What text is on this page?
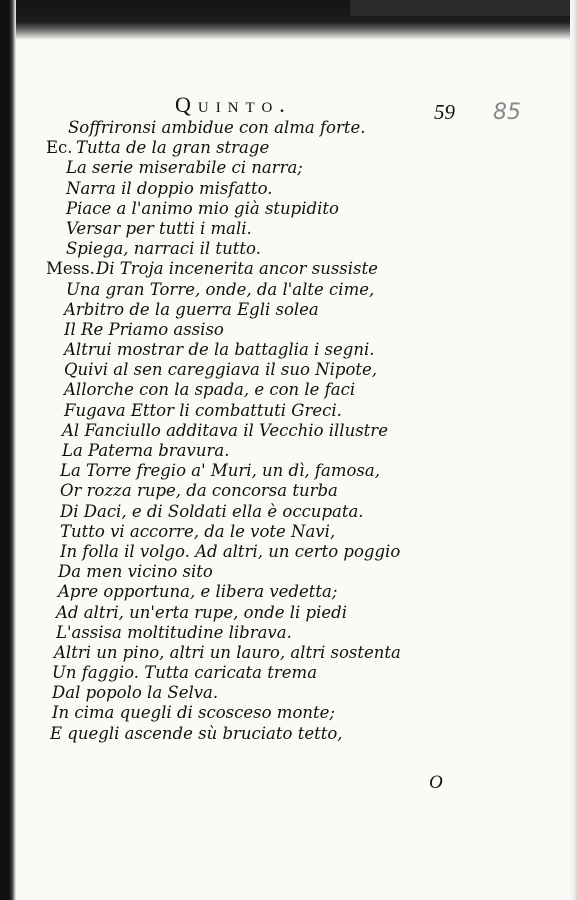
Quinto.	59 85
Soffrironsi ambidue con alma forte.
Ec. Tutta de la gran strage
La serie miserabile ci narra;
Narra il doppio misfatto.
Piace a l'animo mio già stupidito
Versar per tutti i mali.
Spiega, narraci il tutto.
Mess. Di Troja incenerita ancor sussiste
Una gran Torre, onde, da l'alte cime,
Arbitro de la guerra Egli solea
Il Re Priamo assiso
Altrui mostrar de la battaglia i segni.
Quivi al sen careggiava il suo Nipote,
Allorche con la spada, e con le faci
Fugava Ettor li combattuti Greci.
Al Fanciullo additava il Vecchio illustre
La Paterna bravura.
La Torre fregio a' Muri, un dì, famosa,
Or rozza rupe, da concorsa turba
Di Daci, e di Soldati ella è occupata.
Tutto vi accorre, da le vote Navi,
In folla il volgo. Ad altri, un certo poggio
Da men vicino sito
Apre opportuna, e libera vedetta;
Ad altri, un'erta rupe, onde li piedi
L'assisa moltitudine librava.
Altri un pino, altri un lauro, altri sostenta
Un faggio. Tutta caricata trema
Dal popolo la Selva.
In cima quegli di scosceso monte;
E quegli ascende sù bruciato tetto,
O
